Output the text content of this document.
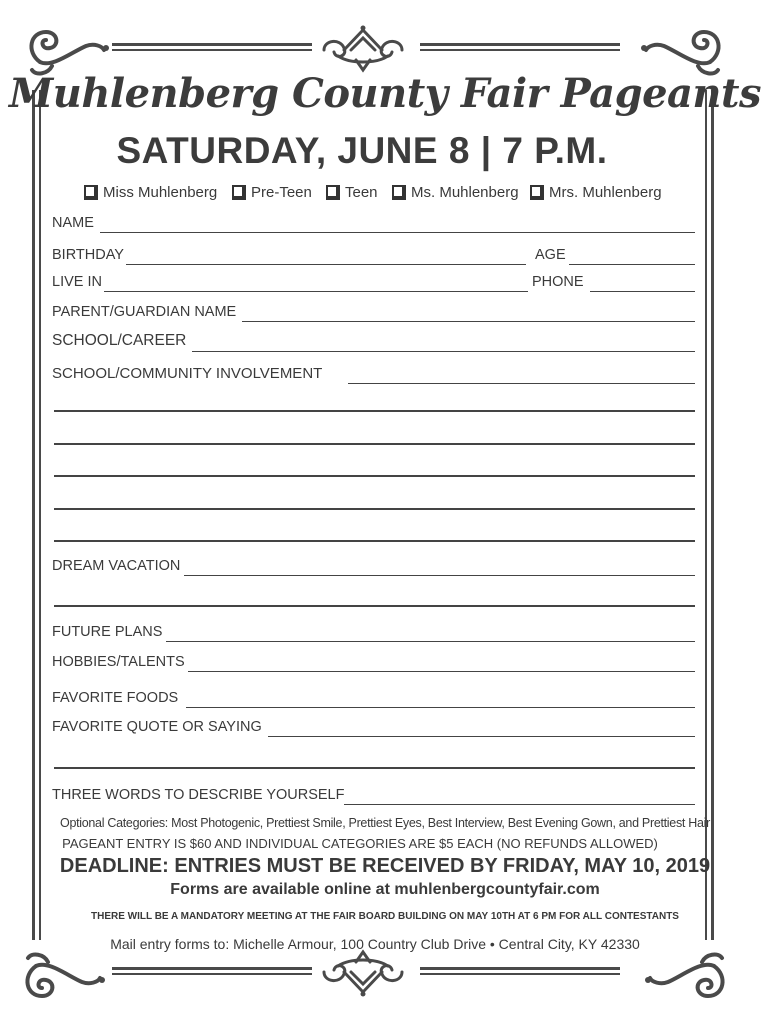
Muhlenberg County Fair Pageants
SATURDAY, JUNE 8 | 7 P.M.
Miss Muhlenberg Pre-Teen Teen Ms. Muhlenberg Mrs. Muhlenberg
NAME
BIRTHDAY	AGE
LIVE IN	PHONE
PARENT/GUARDIAN NAME
SCHOOL/CAREER
SCHOOL/COMMUNITY INVOLVEMENT
DREAM VACATION
FUTURE PLANS
HOBBIES/TALENTS
FAVORITE FOODS
FAVORITE QUOTE OR SAYING
THREE WORDS TO DESCRIBE YOURSELF
Optional Categories: Most Photogenic, Prettiest Smile, Prettiest Eyes, Best Interview, Best Evening Gown, and Prettiest Hair
PAGEANT ENTRY IS $60 AND INDIVIDUAL CATEGORIES ARE $5 EACH (NO REFUNDS ALLOWED)
DEADLINE: ENTRIES MUST BE RECEIVED BY FRIDAY, MAY 10, 2019
Forms are available online at muhlenbergcountyfair.com
THERE WILL BE A MANDATORY MEETING AT THE FAIR BOARD BUILDING ON MAY 10TH AT 6 PM FOR ALL CONTESTANTS
Mail entry forms to: Michelle Armour, 100 Country Club Drive • Central City, KY 42330
